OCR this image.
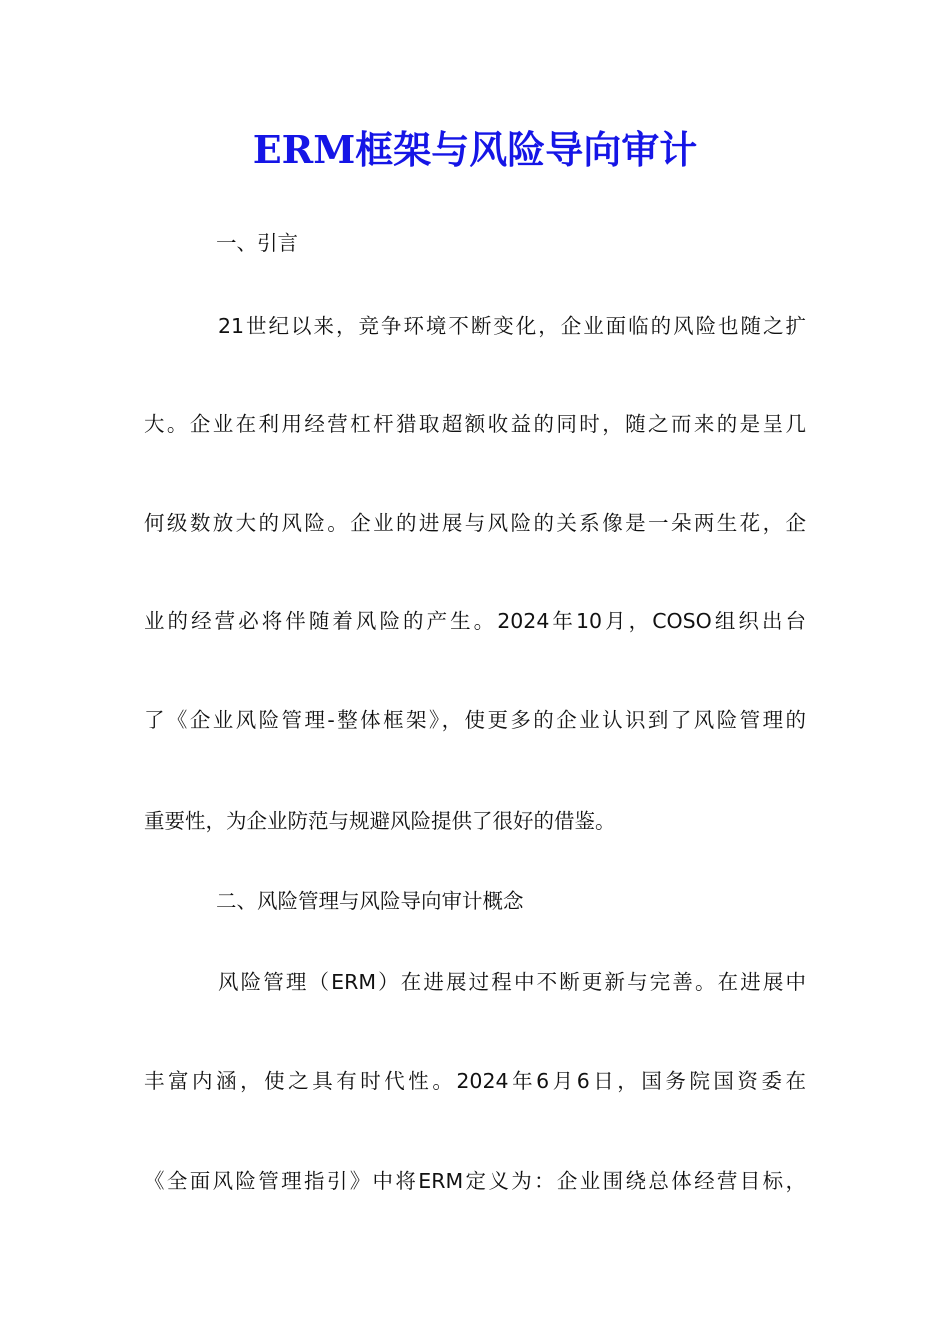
ERM框架与风险导向审计
一、引言
21世纪以来，竞争环境不断变化，企业面临的风险也随之扩
大。企业在利用经营杠杆猎取超额收益的同时，随之而来的是呈几
何级数放大的风险。企业的进展与风险的关系像是一朵两生花，企
业的经营必将伴随着风险的产生。2024年10月，COSO组织出台
了《企业风险管理-整体框架》，使更多的企业认识到了风险管理的
重要性，为企业防范与规避风险提供了很好的借鉴。
二、风险管理与风险导向审计概念
风险管理（ERM）在进展过程中不断更新与完善。在进展中
丰富内涵，使之具有时代性。2024年6月6日，国务院国资委在
《全面风险管理指引》中将ERM定义为：企业围绕总体经营目标，
